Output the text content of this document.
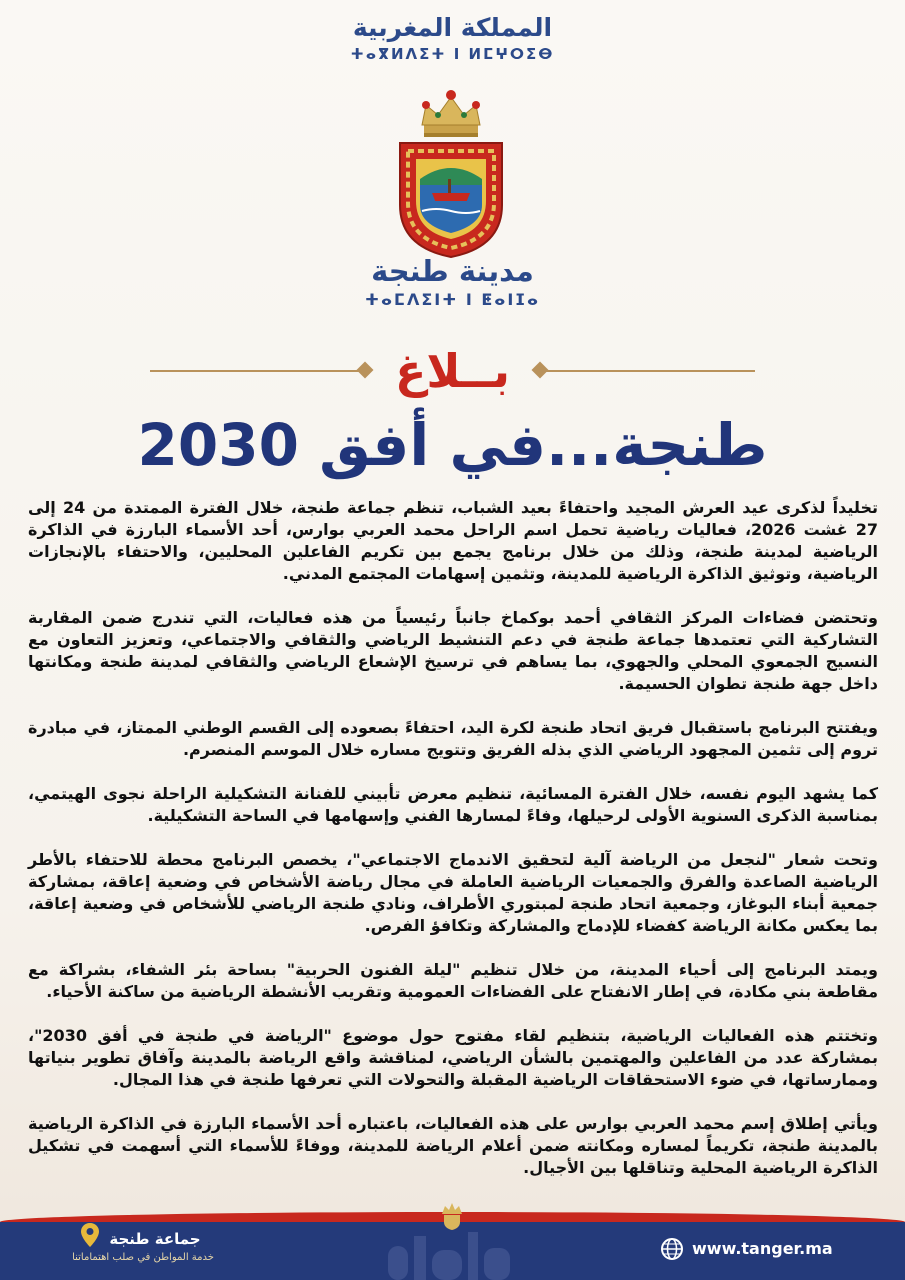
المملكة المغربية
ⵜⴰⴳⵍⴷⵉⵜ ⵏ ⵍⵎⵖⵔⵉⴱ
مدينة طنجة
ⵜⴰⵎⴷⵉⵏⵜ ⵏ ⵟⴰⵏⵊⴰ
بــلاغ
طنجة...في أفق 2030

تخليداً لذكرى عيد العرش المجيد واحتفاءً بعيد الشباب، تنظم جماعة طنجة، خلال الفترة الممتدة من 24 إلى 27 غشت 2026، فعاليات رياضية تحمل اسم الراحل محمد العربي بوارس، أحد الأسماء البارزة في الذاكرة الرياضية لمدينة طنجة، وذلك من خلال برنامج يجمع بين تكريم الفاعلين المحليين، والاحتفاء بالإنجازات الرياضية، وتوثيق الذاكرة الرياضية للمدينة، وتثمين إسهامات المجتمع المدني.

وتحتضن فضاءات المركز الثقافي أحمد بوكماخ جانباً رئيسياً من هذه فعاليات، التي تندرج ضمن المقاربة التشاركية التي تعتمدها جماعة طنجة في دعم التنشيط الرياضي والثقافي والاجتماعي، وتعزيز التعاون مع النسيج الجمعوي المحلي والجهوي، بما يساهم في ترسيخ الإشعاع الرياضي والثقافي لمدينة طنجة ومكانتها داخل جهة طنجة تطوان الحسيمة.

ويفتتح البرنامج باستقبال فريق اتحاد طنجة لكرة اليد، احتفاءً بصعوده إلى القسم الوطني الممتاز، في مبادرة تروم إلى تثمين المجهود الرياضي الذي بذله الفريق وتتويج مساره خلال الموسم المنصرم.

كما يشهد اليوم نفسه، خلال الفترة المسائية، تنظيم معرض تأبيني للفنانة التشكيلية الراحلة نجوى الهيتمي، بمناسبة الذكرى السنوية الأولى لرحيلها، وفاءً لمسارها الفني وإسهامها في الساحة التشكيلية.

وتحت شعار "لنجعل من الرياضة آلية لتحقيق الاندماج الاجتماعي"، يخصص البرنامج محطة للاحتفاء بالأطر الرياضية الصاعدة والفرق والجمعيات الرياضية العاملة في مجال رياضة الأشخاص في وضعية إعاقة، بمشاركة جمعية أبناء البوغاز، وجمعية اتحاد طنجة لمبتوري الأطراف، ونادي طنجة الرياضي للأشخاص في وضعية إعاقة، بما يعكس مكانة الرياضة كفضاء للإدماج والمشاركة وتكافؤ الفرص.

ويمتد البرنامج إلى أحياء المدينة، من خلال تنظيم "ليلة الفنون الحربية" بساحة بئر الشفاء، بشراكة مع مقاطعة بني مكادة، في إطار الانفتاح على الفضاءات العمومية وتقريب الأنشطة الرياضية من ساكنة الأحياء.

وتختتم هذه الفعاليات الرياضية، بتنظيم لقاء مفتوح حول موضوع "الرياضة في طنجة في أفق 2030"، بمشاركة عدد من الفاعلين والمهتمين بالشأن الرياضي، لمناقشة واقع الرياضة بالمدينة وآفاق تطوير بنياتها وممارساتها، في ضوء الاستحقاقات الرياضية المقبلة والتحولات التي تعرفها طنجة في هذا المجال.

ويأتي إطلاق إسم محمد العربي بوارس على هذه الفعاليات، باعتباره أحد الأسماء البارزة في الذاكرة الرياضية بالمدينة طنجة، تكريماً لمساره ومكانته ضمن أعلام الرياضة للمدينة، ووفاءً للأسماء التي أسهمت في تشكيل الذاكرة الرياضية المحلية وتناقلها بين الأجيال.

جماعة طنجة
خدمة المواطن في صلب اهتماماتنا	www.tanger.ma
